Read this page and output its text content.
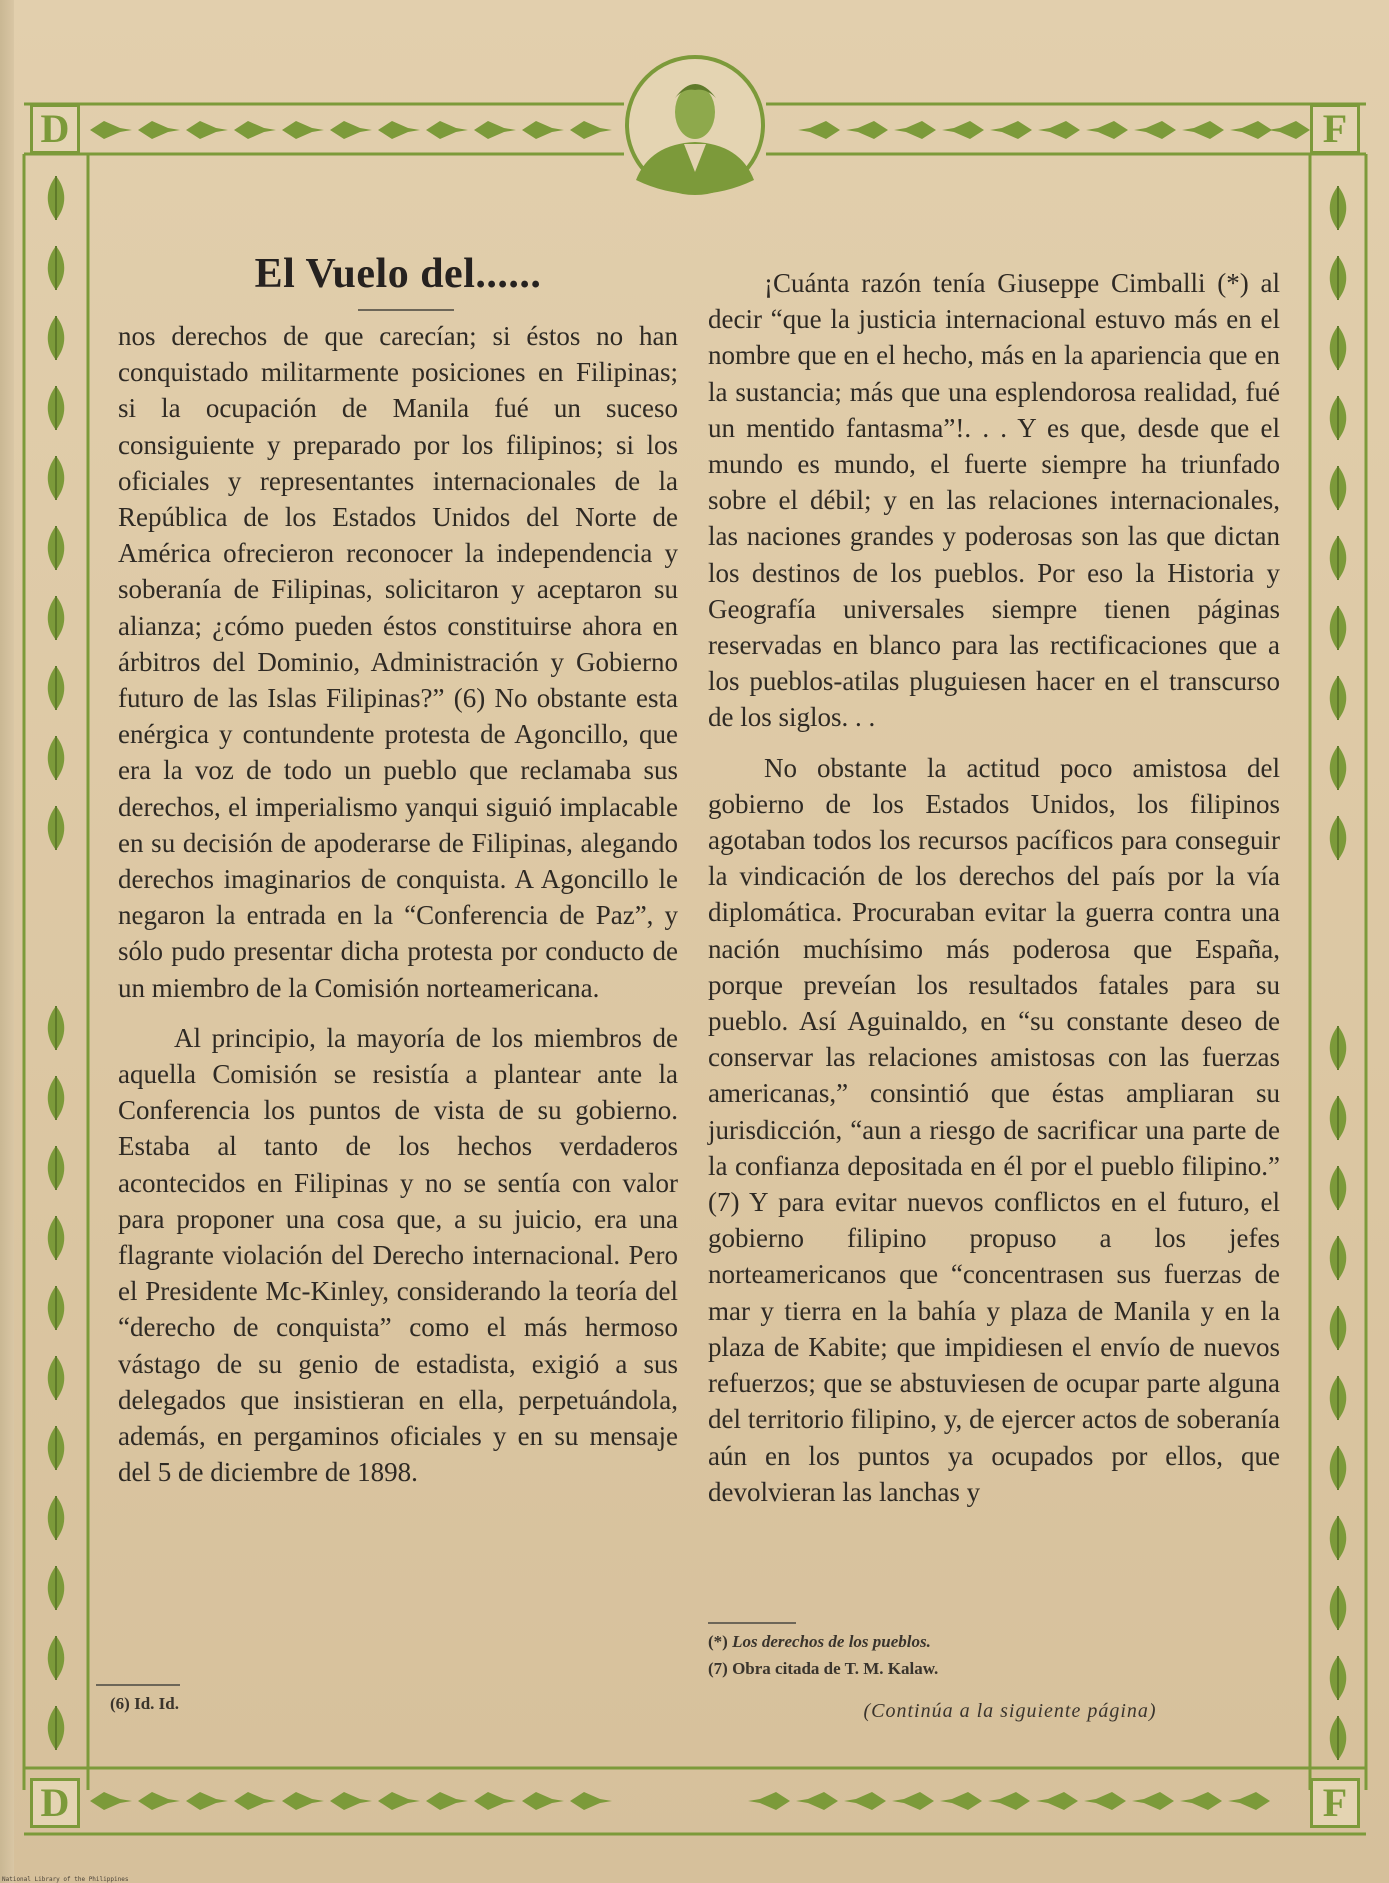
D	F
D	F
El Vuelo del......

nos derechos de que carecían; si éstos no han conquistado militarmente posiciones en Filipinas; si la ocupación de Manila fué un suceso consiguiente y preparado por los filipinos; si los oficiales y representantes internacionales de la República de los Estados Unidos del Norte de América ofrecieron reconocer la independencia y soberanía de Filipinas, solicitaron y aceptaron su alianza; ¿cómo pueden éstos constituirse ahora en árbitros del Dominio, Administración y Gobierno futuro de las Islas Filipinas?” (6) No obstante esta enérgica y contundente protesta de Agoncillo, que era la voz de todo un pueblo que reclamaba sus derechos, el imperialismo yanqui siguió implacable en su decisión de apoderarse de Filipinas, alegando derechos imaginarios de conquista. A Agoncillo le negaron la entrada en la “Conferencia de Paz”, y sólo pudo presentar dicha protesta por conducto de un miembro de la Comisión norteamericana.

Al principio, la mayoría de los miembros de aquella Comisión se resistía a plantear ante la Conferencia los puntos de vista de su gobierno. Estaba al tanto de los hechos verdaderos acontecidos en Filipinas y no se sentía con valor para proponer una cosa que, a su juicio, era una flagrante violación del Derecho internacional. Pero el Presidente Mc-Kinley, considerando la teoría del “derecho de conquista” como el más hermoso vástago de su genio de estadista, exigió a sus delegados que insistieran en ella, perpetuándola, además, en pergaminos oficiales y en su mensaje del 5 de diciembre de 1898.

¡Cuánta razón tenía Giuseppe Cimballi (*) al decir “que la justicia internacional estuvo más en el nombre que en el hecho, más en la apariencia que en la sustancia; más que una esplendorosa realidad, fué un mentido fantasma”!. . . Y es que, desde que el mundo es mundo, el fuerte siempre ha triunfado sobre el débil; y en las relaciones internacionales, las naciones grandes y poderosas son las que dictan los destinos de los pueblos. Por eso la Historia y Geografía universales siempre tienen páginas reservadas en blanco para las rectificaciones que a los pueblos-atilas pluguiesen hacer en el transcurso de los siglos. . .

No obstante la actitud poco amistosa del gobierno de los Estados Unidos, los filipinos agotaban todos los recursos pacíficos para conseguir la vindicación de los derechos del país por la vía diplomática. Procuraban evitar la guerra contra una nación muchísimo más poderosa que España, porque preveían los resultados fatales para su pueblo. Así Aguinaldo, en “su constante deseo de conservar las relaciones amistosas con las fuerzas americanas,” consintió que éstas ampliaran su jurisdicción, “aun a riesgo de sacrificar una parte de la confianza depositada en él por el pueblo filipino.” (7) Y para evitar nuevos conflictos en el futuro, el gobierno filipino propuso a los jefes norteamericanos que “concentrasen sus fuerzas de mar y tierra en la bahía y plaza de Manila y en la plaza de Kabite; que impidiesen el envío de nuevos refuerzos; que se abstuviesen de ocupar parte alguna del territorio filipino, y, de ejercer actos de soberanía aún en los puntos ya ocupados por ellos, que devolvieran las lanchas y

(6) Id. Id.
(*) Los derechos de los pueblos.
(7) Obra citada de T. M. Kalaw.
(Continúa a la siguiente página)
National Library of the Philippines
